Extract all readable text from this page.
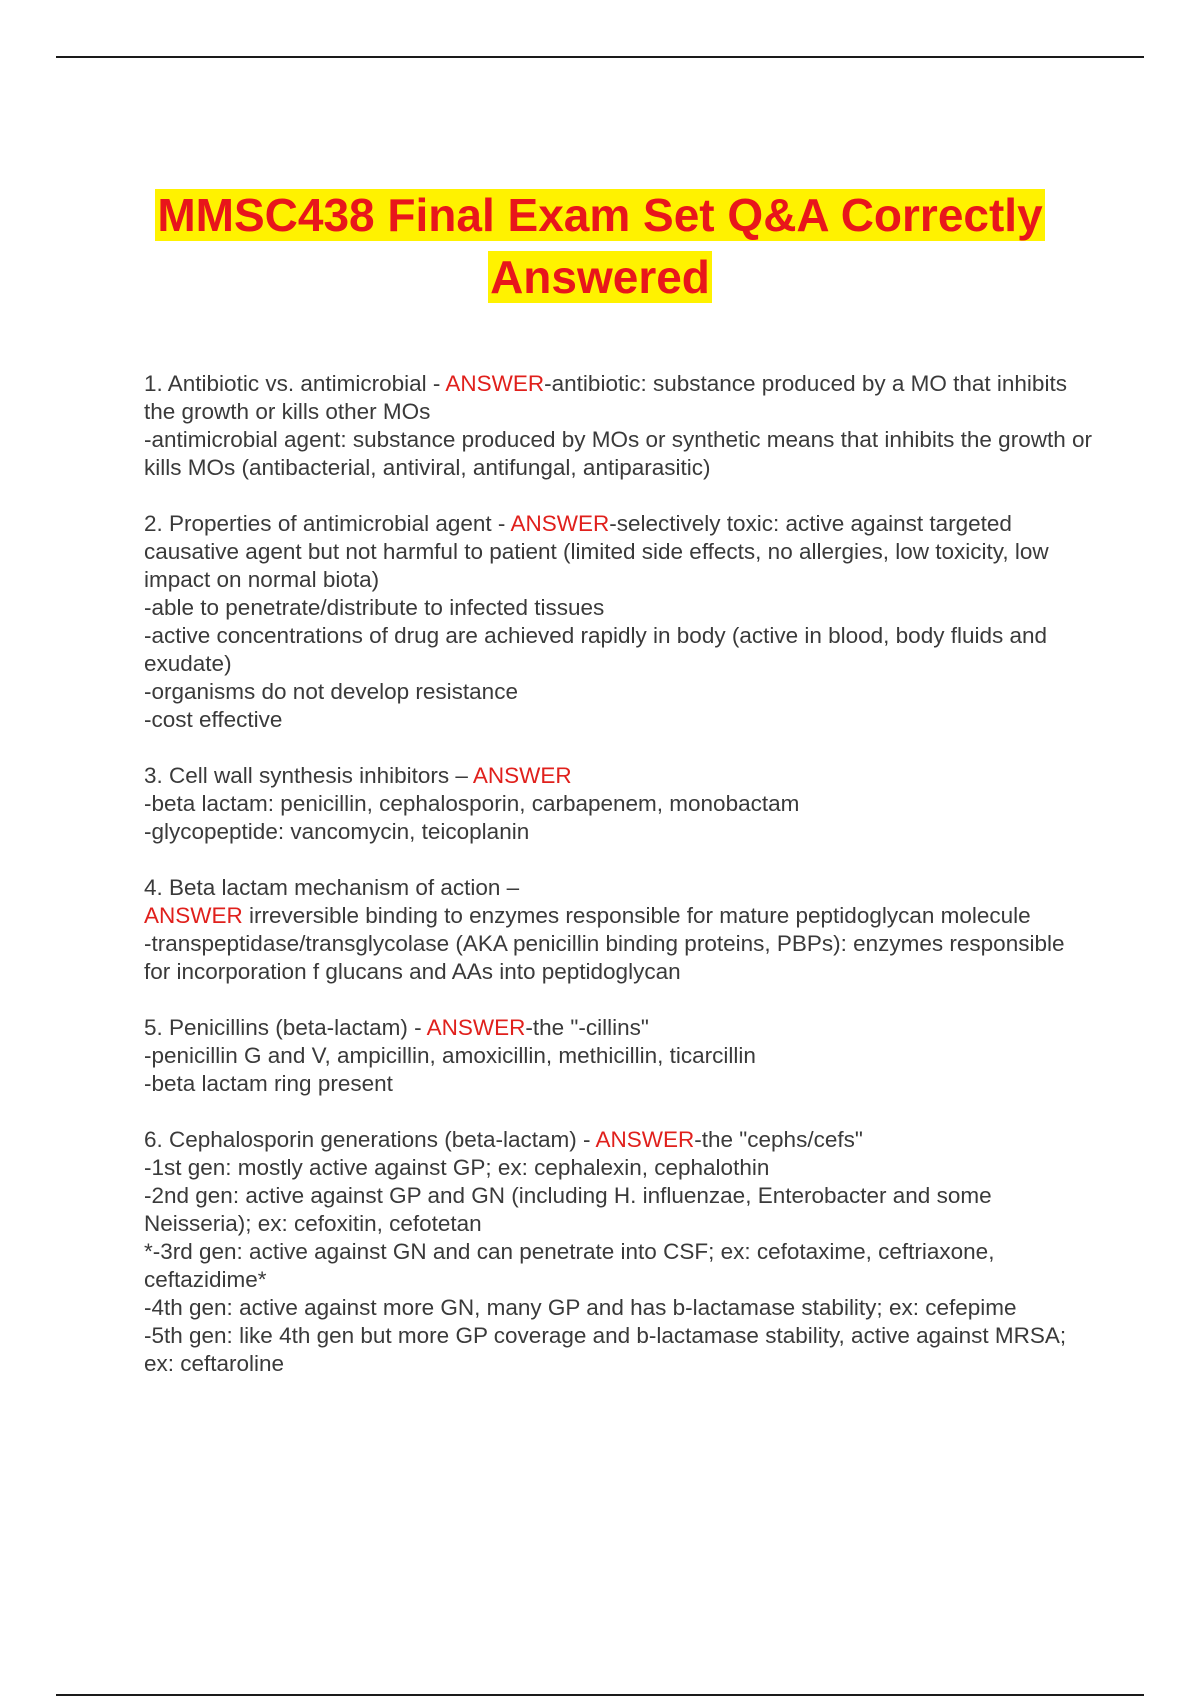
MMSC438 Final Exam Set Q&A Correctly
Answered
1. Antibiotic vs. antimicrobial - ANSWER-antibiotic: substance produced by a MO that inhibits the growth or kills other MOs
-antimicrobial agent: substance produced by MOs or synthetic means that inhibits the growth or kills MOs (antibacterial, antiviral, antifungal, antiparasitic)
2. Properties of antimicrobial agent - ANSWER-selectively toxic: active against targeted causative agent but not harmful to patient (limited side effects, no allergies, low toxicity, low impact on normal biota)
-able to penetrate/distribute to infected tissues
-active concentrations of drug are achieved rapidly in body (active in blood, body fluids and exudate)
-organisms do not develop resistance
-cost effective
3. Cell wall synthesis inhibitors – ANSWER
-beta lactam: penicillin, cephalosporin, carbapenem, monobactam
-glycopeptide: vancomycin, teicoplanin
4. Beta lactam mechanism of action –
ANSWER irreversible binding to enzymes responsible for mature peptidoglycan molecule
-transpeptidase/transglycolase (AKA penicillin binding proteins, PBPs): enzymes responsible for incorporation f glucans and AAs into peptidoglycan
5. Penicillins (beta-lactam) - ANSWER-the "-cillins"
-penicillin G and V, ampicillin, amoxicillin, methicillin, ticarcillin
-beta lactam ring present
6. Cephalosporin generations (beta-lactam) - ANSWER-the "cephs/cefs"
-1st gen: mostly active against GP; ex: cephalexin, cephalothin
-2nd gen: active against GP and GN (including H. influenzae, Enterobacter and some Neisseria); ex: cefoxitin, cefotetan
*-3rd gen: active against GN and can penetrate into CSF; ex: cefotaxime, ceftriaxone, ceftazidime*
-4th gen: active against more GN, many GP and has b-lactamase stability; ex: cefepime
-5th gen: like 4th gen but more GP coverage and b-lactamase stability, active against MRSA; ex: ceftaroline
